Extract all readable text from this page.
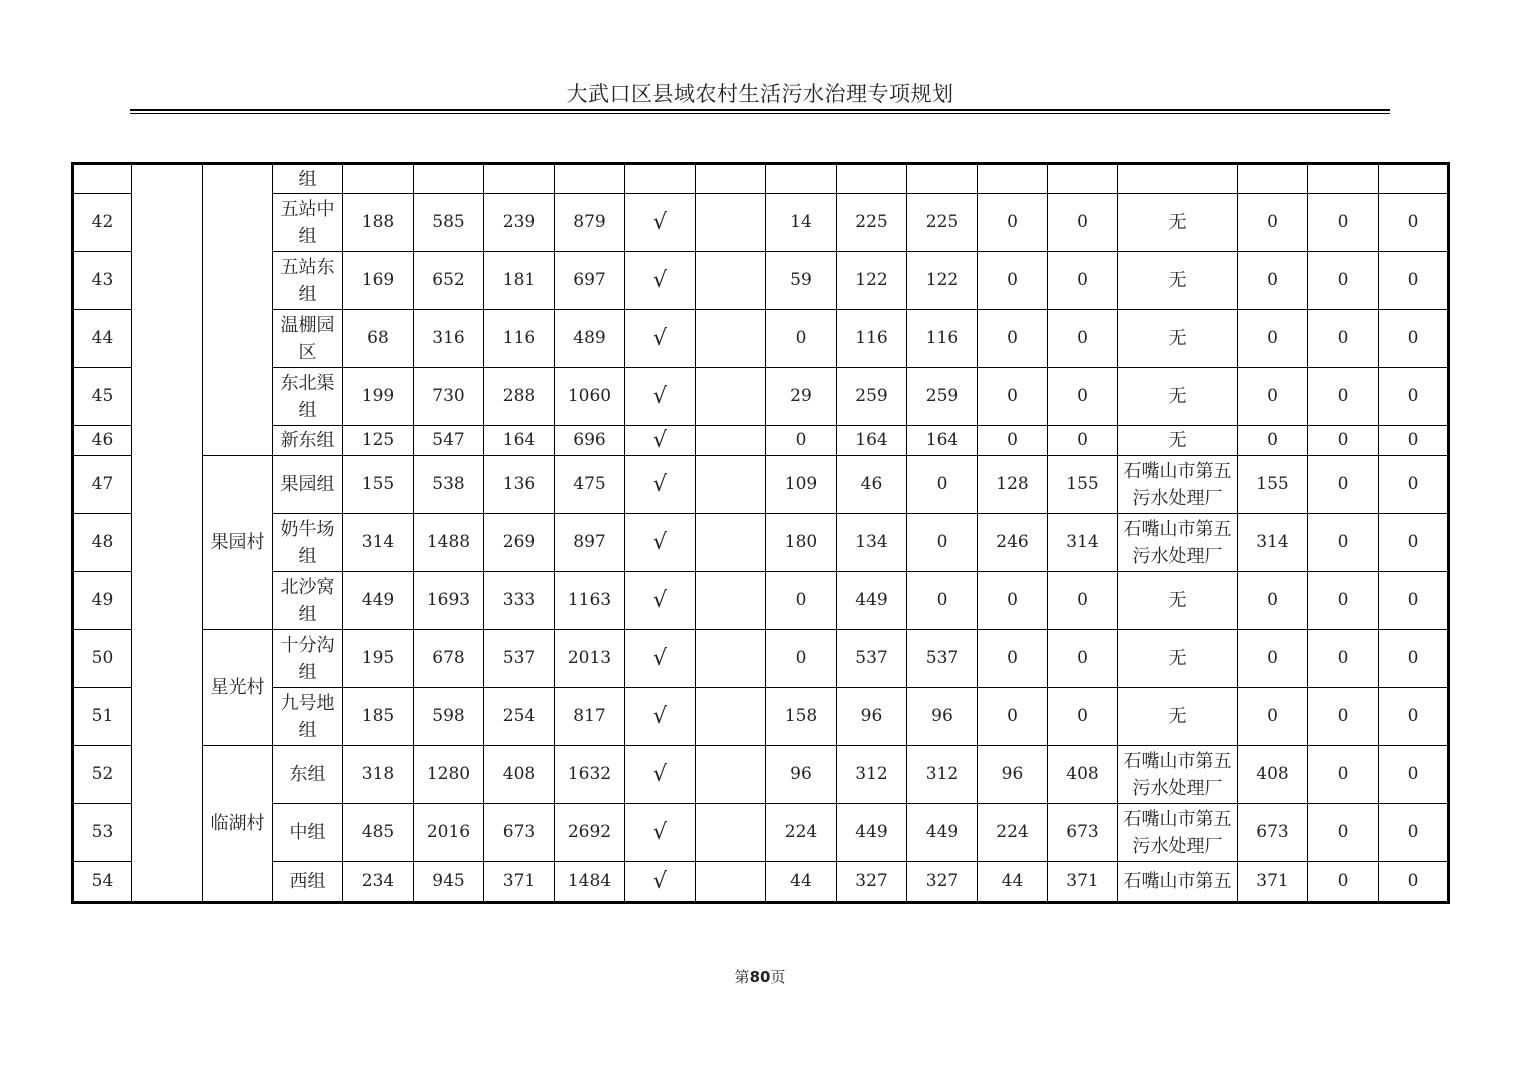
大武口区县域农村生活污水治理专项规划
			组															
42			五站中组	188	585	239	879	√		14	225	225	0	0	无	0	0	0
43			五站东组	169	652	181	697	√		59	122	122	0	0	无	0	0	0
44			温棚园区	68	316	116	489	√		0	116	116	0	0	无	0	0	0
45			东北渠组	199	730	288	1060	√		29	259	259	0	0	无	0	0	0
46			新东组	125	547	164	696	√		0	164	164	0	0	无	0	0	0
47		果园村	果园组	155	538	136	475	√		109	46	0	128	155	石嘴山市第五污水处理厂	155	0	0
48			奶牛场组	314	1488	269	897	√		180	134	0	246	314	石嘴山市第五污水处理厂	314	0	0
49			北沙窝组	449	1693	333	1163	√		0	449	0	0	0	无	0	0	0
50		星光村	十分沟组	195	678	537	2013	√		0	537	537	0	0	无	0	0	0
51			九号地组	185	598	254	817	√		158	96	96	0	0	无	0	0	0
52		临湖村	东组	318	1280	408	1632	√		96	312	312	96	408	石嘴山市第五污水处理厂	408	0	0
53			中组	485	2016	673	2692	√		224	449	449	224	673	石嘴山市第五污水处理厂	673	0	0
54			西组	234	945	371	1484	√		44	327	327	44	371	石嘴山市第五	371	0	0
第80页
